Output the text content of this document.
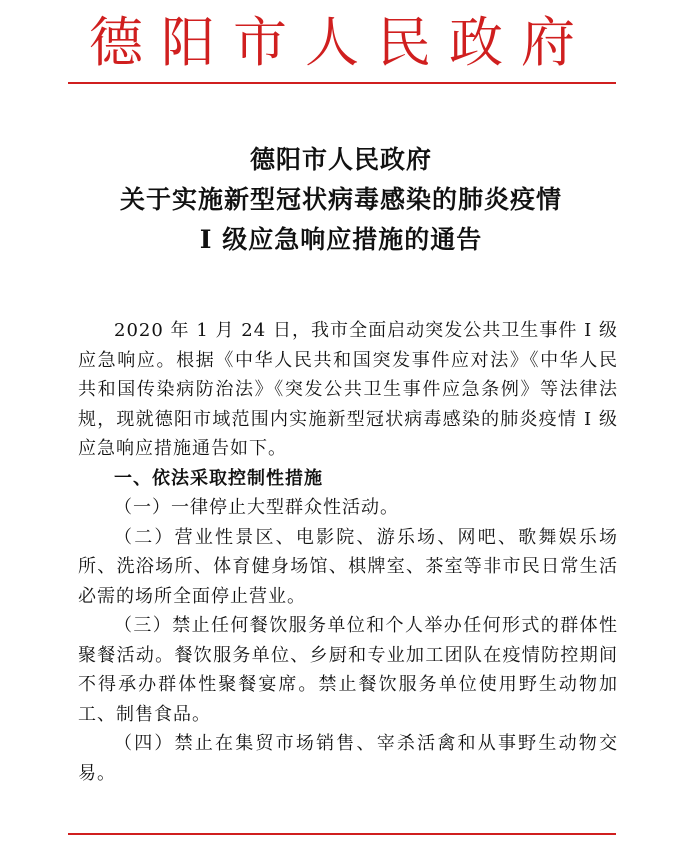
德阳市人民政府
德阳市人民政府
关于实施新型冠状病毒感染的肺炎疫情
I 级应急响应措施的通告

2020 年 1 月 24 日，我市全面启动突发公共卫生事件 I 级应急响应。根据《中华人民共和国突发事件应对法》《中华人民共和国传染病防治法》《突发公共卫生事件应急条例》等法律法规，现就德阳市域范围内实施新型冠状病毒感染的肺炎疫情 I 级应急响应措施通告如下。

一、依法采取控制性措施

（一）一律停止大型群众性活动。

（二）营业性景区、电影院、游乐场、网吧、歌舞娱乐场所、洗浴场所、体育健身场馆、棋牌室、茶室等非市民日常生活必需的场所全面停止营业。

（三）禁止任何餐饮服务单位和个人举办任何形式的群体性聚餐活动。餐饮服务单位、乡厨和专业加工团队在疫情防控期间不得承办群体性聚餐宴席。禁止餐饮服务单位使用野生动物加工、制售食品。

（四）禁止在集贸市场销售、宰杀活禽和从事野生动物交易。
